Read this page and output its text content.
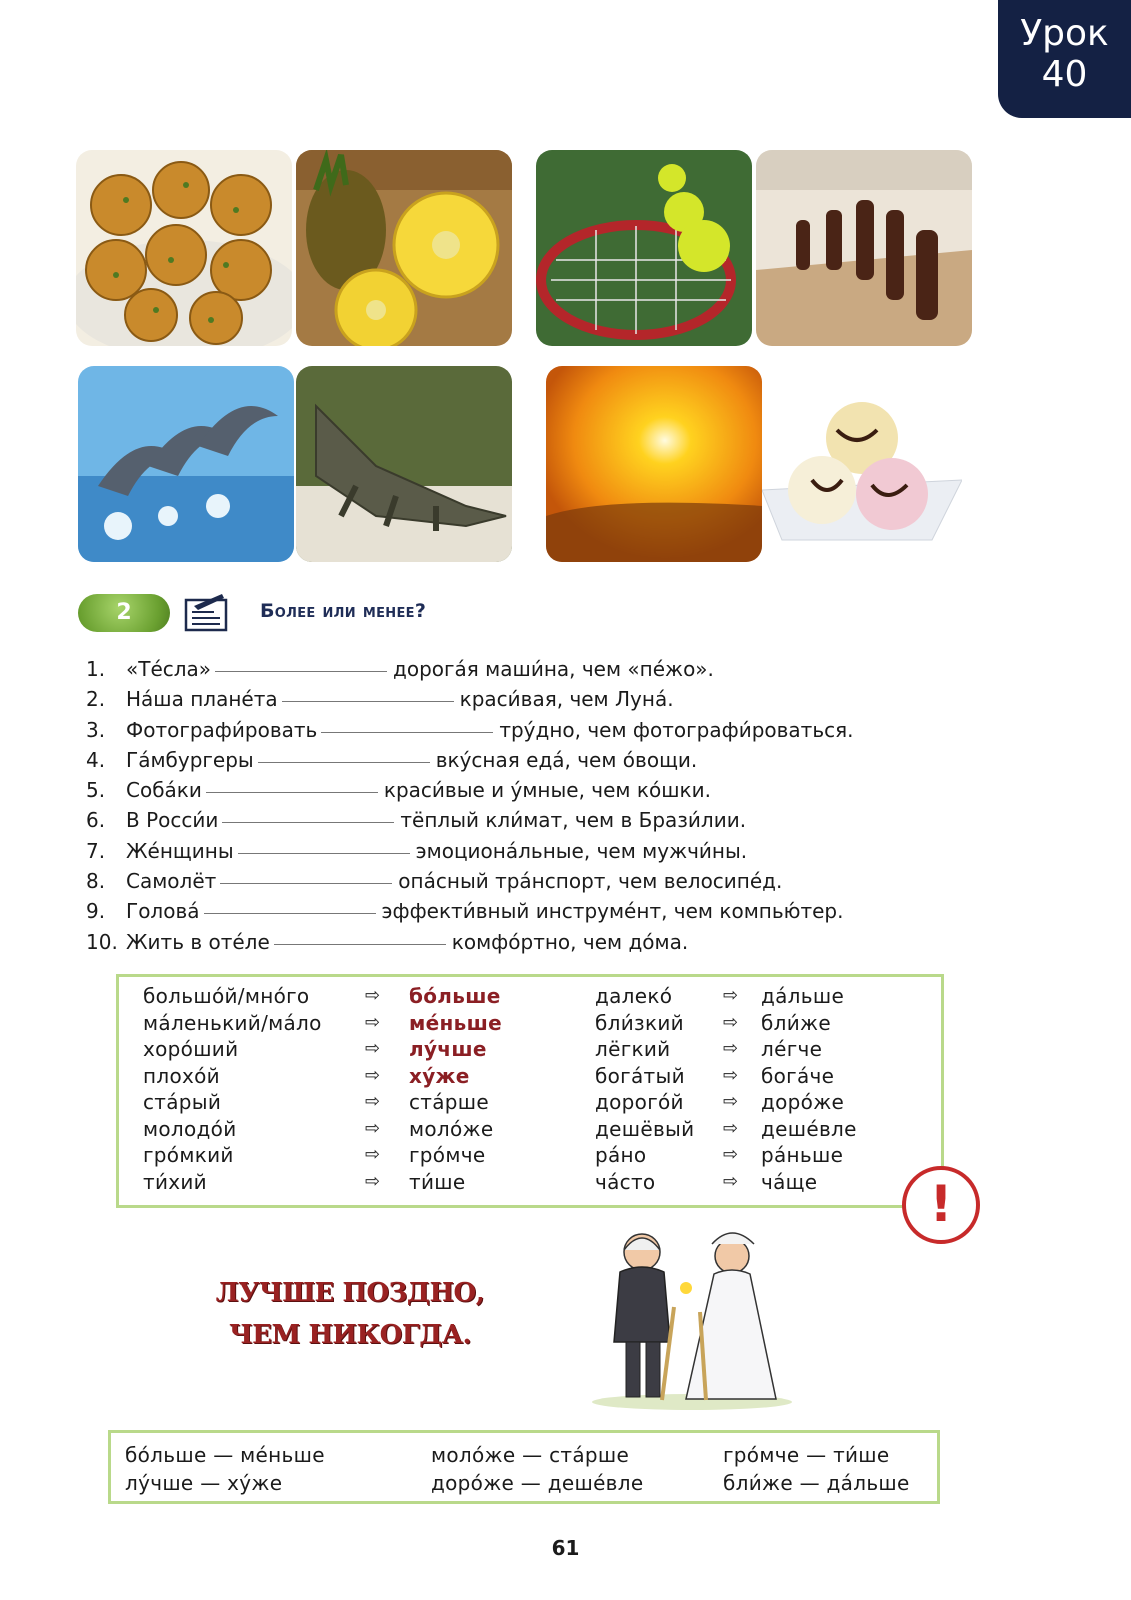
Урок
40
2	Более или менее?
1. «Тéсла»	дорогáя маши́на, чем «пéжо».
2. Нáша планéта	краси́вая, чем Лунá.
3. Фотографи́ровать	трýдно, чем фотографи́роваться.
4. Гáмбургеры	вкýсная едá, чем о́вощи.
5. Собáки	краси́вые и ýмные, чем ко́шки.
6. В Росси́и	тёплый кли́мат, чем в Брази́лии.
7. Жéнщины	эмоционáльные, чем мужчи́ны.
8. Самолёт	опáсный трáнспорт, чем велосипéд.
9. Головá	эффекти́вный инструмéнт, чем компью́тер.
10. Жить в отéле	комфо́ртно, чем до́ма.
большо́й/мно́го	⇨ бо́льше
мáленький/мáло ⇨ мéньше
хоро́ший	⇨ лýчше
плохо́й	⇨ хýже
стáрый	⇨ стáрше
молодо́й	⇨ моло́же
гро́мкий	⇨ гро́мче
ти́хий	⇨ ти́ше
далеко́	⇨ дáльше
бли́зкий ⇨ бли́же
лёгкий	⇨ лéгче
богáтый ⇨ богáче
дорого́й ⇨ доро́же
дешёвый ⇨ дешéвле
рáно	⇨ рáньше
чáсто	⇨ чáще	!
ЛУЧШЕ ПОЗДНО,
ЧЕМ НИКОГДА.
бо́льше — мéньше
лýчше — хýже
моло́же — стáрше
доро́же — дешéвле
гро́мче — ти́ше
бли́же — дáльше
61
